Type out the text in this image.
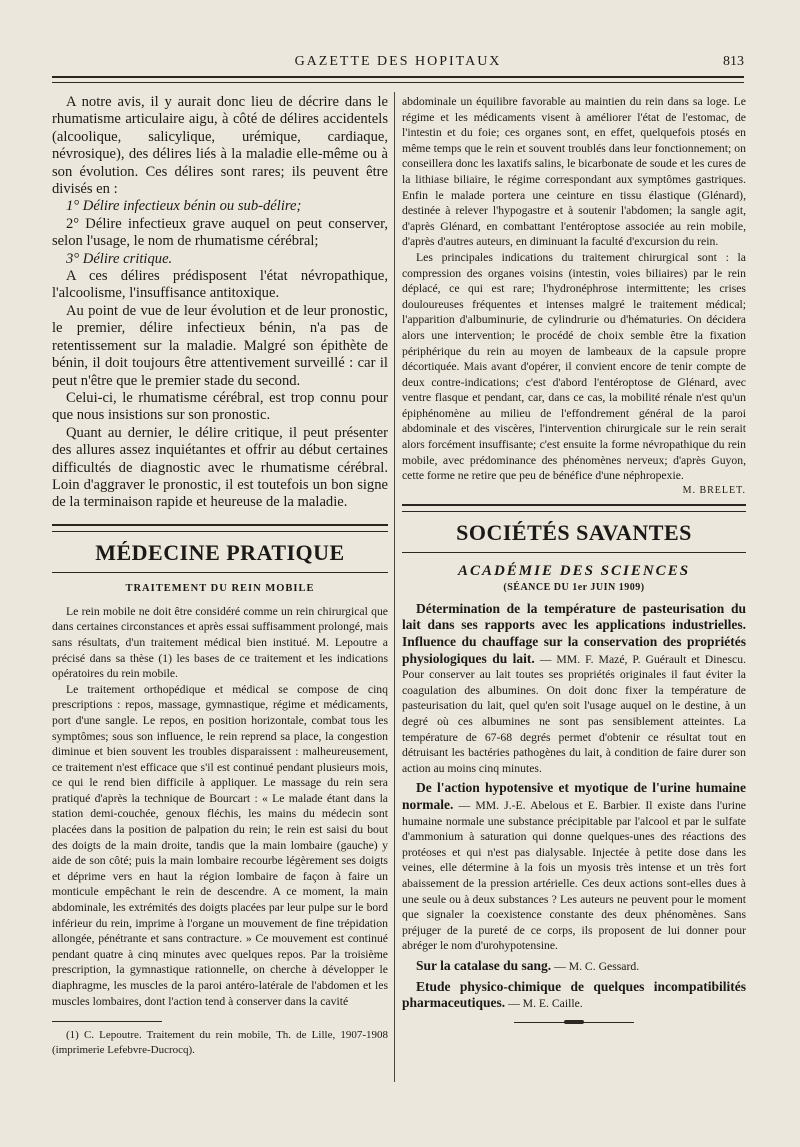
GAZETTE DES HOPITAUX	813

A notre avis, il y aurait donc lieu de décrire dans le rhumatisme articulaire aigu, à côté de délires accidentels (alcoolique, salicylique, urémique, cardiaque, névrosique), des délires liés à la maladie elle-même ou à son évolution. Ces délires sont rares; ils peuvent être divisés en :

1° Délire infectieux bénin ou sub-délire;

2° Délire infectieux grave auquel on peut conserver, selon l'usage, le nom de rhumatisme cérébral;

3° Délire critique.

A ces délires prédisposent l'état névropathique, l'alcoolisme, l'insuffisance antitoxique.

Au point de vue de leur évolution et de leur pronostic, le premier, délire infectieux bénin, n'a pas de retentissement sur la maladie. Malgré son épithète de bénin, il doit toujours être attentivement surveillé : car il peut n'être que le premier stade du second.

Celui-ci, le rhumatisme cérébral, est trop connu pour que nous insistions sur son pronostic.

Quant au dernier, le délire critique, il peut présenter des allures assez inquiétantes et offrir au début certaines difficultés de diagnostic avec le rhumatisme cérébral. Loin d'aggraver le pronostic, il est toutefois un bon signe de la terminaison rapide et heureuse de la maladie.

MÉDECINE PRATIQUE
TRAITEMENT DU REIN MOBILE

Le rein mobile ne doit être considéré comme un rein chirurgical que dans certaines circonstances et après essai suffisamment prolongé, mais sans résultats, d'un traitement médical bien institué. M. Lepoutre a précisé dans sa thèse (1) les bases de ce traitement et les indications opératoires du rein mobile.

Le traitement orthopédique et médical se compose de cinq prescriptions : repos, massage, gymnastique, régime et médicaments, port d'une sangle. Le repos, en position horizontale, combat tous les symptômes; sous son influence, le rein reprend sa place, la congestion diminue et bien souvent les troubles disparaissent : malheureusement, ce traitement n'est efficace que s'il est continué pendant plusieurs mois, ce qui le rend bien difficile à appliquer. Le massage du rein sera pratiqué d'après la technique de Bourcart : « Le malade étant dans la station demi-couchée, genoux fléchis, les mains du médecin sont placées dans la position de palpation du rein; le rein est saisi du bout des doigts de la main droite, tandis que la main lombaire (gauche) y aide de son côté; puis la main lombaire recourbe légèrement ses doigts et déprime vers en haut la région lombaire de façon à faire un monticule empêchant le rein de descendre. A ce moment, la main abdominale, les extrémités des doigts placées par leur pulpe sur le bord inférieur du rein, imprime à l'organe un mouvement de fine trépidation allongée, pénétrante et sans contracture. » Ce mouvement est continué pendant quatre à cinq minutes avec quelques repos. Par la troisième prescription, la gymnastique rationnelle, on cherche à développer le diaphragme, les muscles de la paroi antéro-latérale de l'abdomen et les muscles lombaires, dont l'action tend à conserver dans la cavité

(1) C. Lepoutre. Traitement du rein mobile, Th. de Lille, 1907-1908 (imprimerie Lefebvre-Ducrocq).

abdominale un équilibre favorable au maintien du rein dans sa loge. Le régime et les médicaments visent à améliorer l'état de l'estomac, de l'intestin et du foie; ces organes sont, en effet, quelquefois ptosés en même temps que le rein et souvent troublés dans leur fonctionnement; on conseillera donc les laxatifs salins, le bicarbonate de soude et les cures de la lithiase biliaire, le régime correspondant aux symptômes gastriques. Enfin le malade portera une ceinture en tissu élastique (Glénard), destinée à relever l'hypogastre et à soutenir l'abdomen; la sangle agit, d'après Glénard, en combattant l'entéroptose associée au rein mobile, d'après d'autres auteurs, en diminuant la faculté d'excursion du rein.

Les principales indications du traitement chirurgical sont : la compression des organes voisins (intestin, voies biliaires) par le rein déplacé, ce qui est rare; l'hydronéphrose intermittente; les crises douloureuses fréquentes et intenses malgré le traitement médical; l'apparition d'albuminurie, de cylindrurie ou d'hématuries. On décidera alors une intervention; le procédé de choix semble être la fixation périphérique du rein au moyen de lambeaux de la capsule propre décortiquée. Mais avant d'opérer, il convient encore de tenir compte de deux contre-indications; c'est d'abord l'entéroptose de Glénard, avec ventre flasque et pendant, car, dans ce cas, la mobilité rénale n'est qu'un épiphénomène au milieu de l'effondrement général de la paroi abdominale et des viscères, l'intervention chirurgicale sur le rein serait alors forcément insuffisante; c'est ensuite la forme névropathique du rein mobile, avec prédominance des phénomènes nerveux; d'après Guyon, cette forme ne retire que peu de bénéfice d'une néphropexie.

M. BRELET.
SOCIÉTÉS SAVANTES
ACADÉMIE DES SCIENCES
(SÉANCE DU 1er JUIN 1909)

Détermination de la température de pasteurisation du lait dans ses rapports avec les applications industrielles. Influence du chauffage sur la conservation des propriétés physiologiques du lait. — MM. F. Mazé, P. Guérault et Dinescu. Pour conserver au lait toutes ses propriétés originales il faut éviter la coagulation des albumines. On doit donc fixer la température de pasteurisation du lait, quel qu'en soit l'usage auquel on le destine, à un degré où ces albumines ne sont pas sensiblement atteintes. La température de 67-68 degrés permet d'obtenir ce résultat tout en détruisant les bactéries pathogènes du lait, à condition de faire durer son action au moins cinq minutes.

De l'action hypotensive et myotique de l'urine humaine normale. — MM. J.-E. Abelous et E. Barbier. Il existe dans l'urine humaine normale une substance précipitable par l'alcool et par le sulfate d'ammonium à saturation qui donne quelques-unes des réactions des protéoses et qui n'est pas dialysable. Injectée à petite dose dans les veines, elle détermine à la fois un myosis très intense et un très fort abaissement de la pression artérielle. Ces deux actions sont-elles dues à une seule ou à deux substances ? Les auteurs ne peuvent pour le moment que signaler la coexistence constante des deux phénomènes. Sans préjuger de la pureté de ce corps, ils proposent de lui donner pour abréger le nom d'urohypotensine.

Sur la catalase du sang. — M. C. Gessard.

Etude physico-chimique de quelques incompatibilités pharmaceutiques. — M. E. Caille.
